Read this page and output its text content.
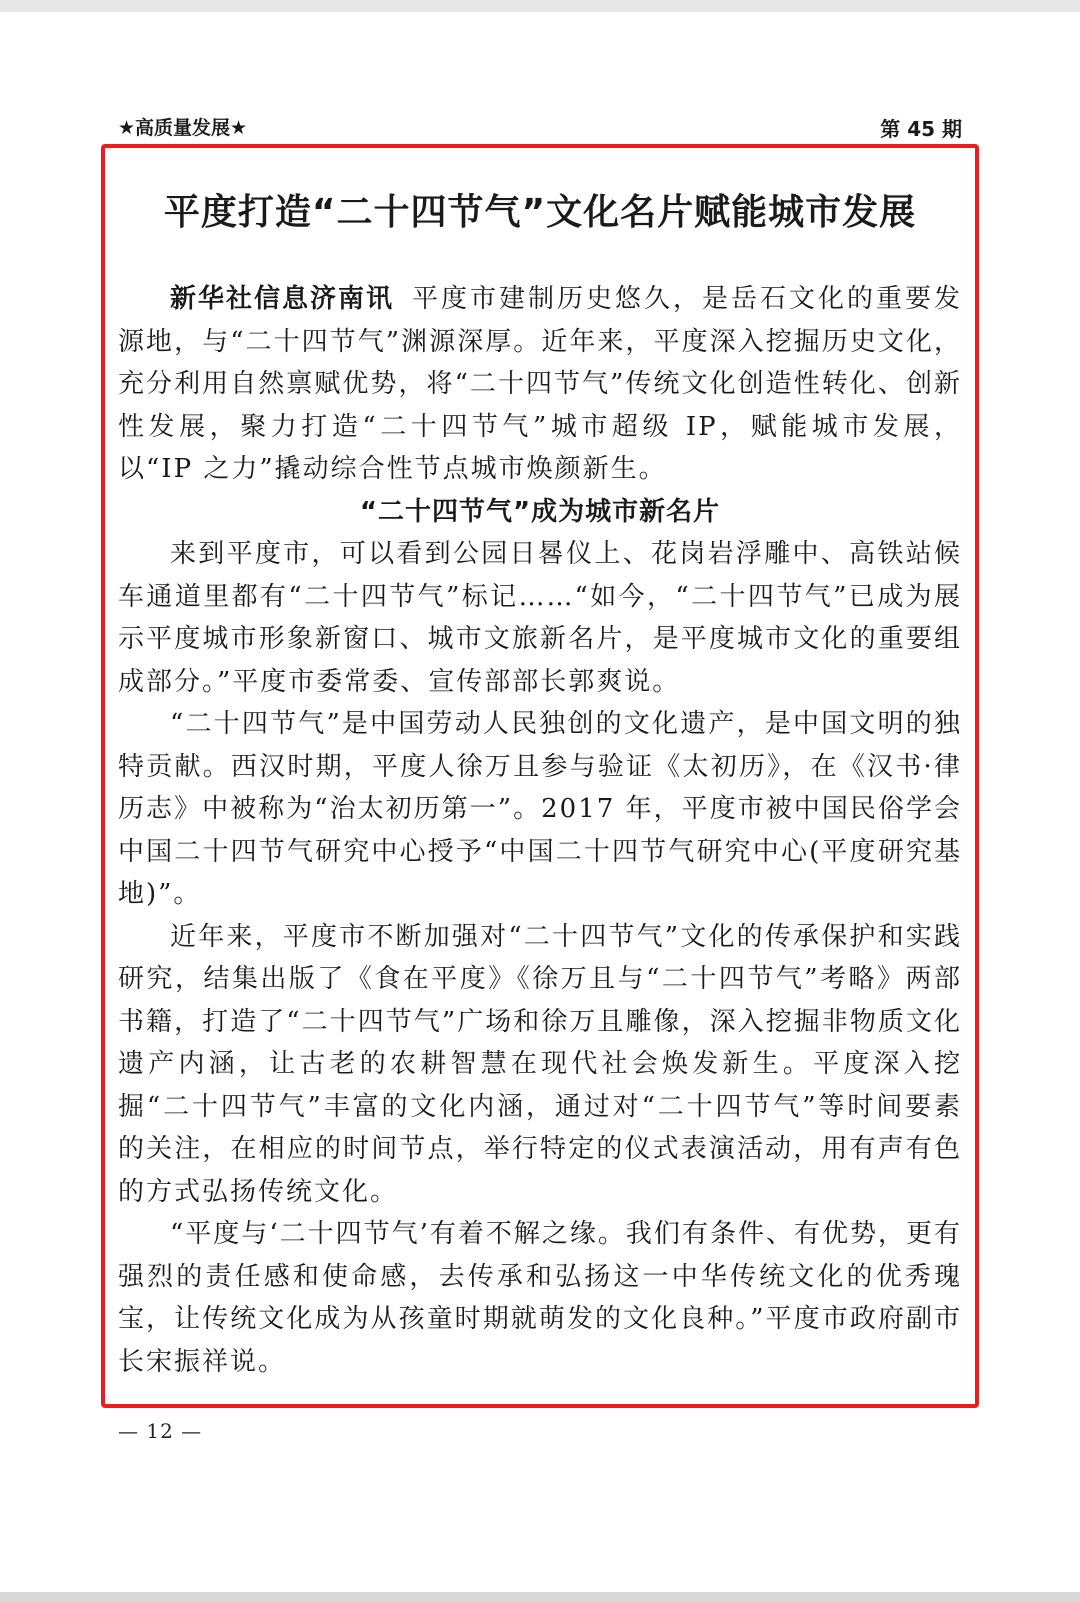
★高质量发展★	第 45 期
平度打造“二十四节气”文化名片赋能城市发展

新华社信息济南讯 平度市建制历史悠久，是岳石文化的重要发源地，与“二十四节气”渊源深厚。近年来，平度深入挖掘历史文化，充分利用自然禀赋优势，将“二十四节气”传统文化创造性转化、创新性发展，聚力打造“二十四节气”城市超级 IP，赋能城市发展，以“IP 之力”撬动综合性节点城市焕颜新生。

“二十四节气”成为城市新名片

来到平度市，可以看到公园日晷仪上、花岗岩浮雕中、高铁站候车通道里都有“二十四节气”标记……“如今，“二十四节气”已成为展示平度城市形象新窗口、城市文旅新名片，是平度城市文化的重要组成部分。”平度市委常委、宣传部部长郭爽说。

“二十四节气”是中国劳动人民独创的文化遗产，是中国文明的独特贡献。西汉时期，平度人徐万且参与验证《太初历》，在《汉书·律历志》中被称为“治太初历第一”。2017 年，平度市被中国民俗学会中国二十四节气研究中心授予“中国二十四节气研究中心(平度研究基地)”。

近年来，平度市不断加强对“二十四节气”文化的传承保护和实践研究，结集出版了《食在平度》《徐万且与“二十四节气”考略》两部书籍，打造了“二十四节气”广场和徐万且雕像，深入挖掘非物质文化遗产内涵，让古老的农耕智慧在现代社会焕发新生。平度深入挖掘“二十四节气”丰富的文化内涵，通过对“二十四节气”等时间要素的关注，在相应的时间节点，举行特定的仪式表演活动，用有声有色的方式弘扬传统文化。

“平度与‘二十四节气’有着不解之缘。我们有条件、有优势，更有强烈的责任感和使命感，去传承和弘扬这一中华传统文化的优秀瑰宝，让传统文化成为从孩童时期就萌发的文化良种。”平度市政府副市长宋振祥说。

— 12 —
